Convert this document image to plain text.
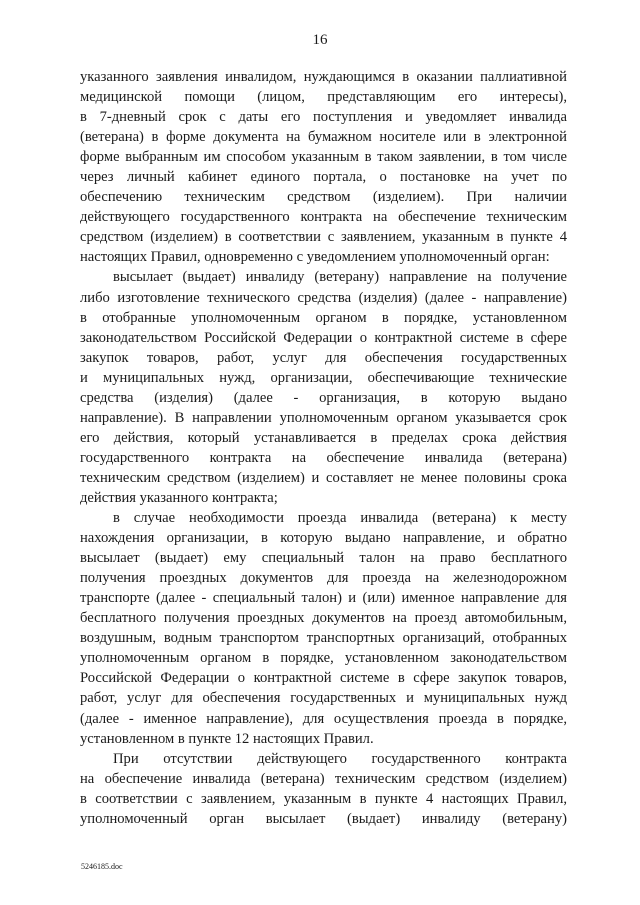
16
указанного заявления инвалидом, нуждающимся в оказании паллиативной
медицинской помощи (лицом, представляющим его интересы),
в 7-дневный срок с даты его поступления и уведомляет инвалида
(ветерана) в форме документа на бумажном носителе или в электронной
форме выбранным им способом указанным в таком заявлении, в том числе
через личный кабинет единого портала, о постановке на учет по
обеспечению техническим средством (изделием). При наличии
действующего государственного контракта на обеспечение техническим
средством (изделием) в соответствии с заявлением, указанным в пункте 4
настоящих Правил, одновременно с уведомлением уполномоченный орган:
высылает (выдает) инвалиду (ветерану) направление на получение
либо изготовление технического средства (изделия) (далее - направление)
в отобранные уполномоченным органом в порядке, установленном
законодательством Российской Федерации о контрактной системе в сфере
закупок товаров, работ, услуг для обеспечения государственных
и муниципальных нужд, организации, обеспечивающие технические
средства (изделия) (далее - организация, в которую выдано
направление). В направлении уполномоченным органом указывается срок
его действия, который устанавливается в пределах срока действия
государственного контракта на обеспечение инвалида (ветерана)
техническим средством (изделием) и составляет не менее половины срока
действия указанного контракта;
в случае необходимости проезда инвалида (ветерана) к месту
нахождения организации, в которую выдано направление, и обратно
высылает (выдает) ему специальный талон на право бесплатного
получения проездных документов для проезда на железнодорожном
транспорте (далее - специальный талон) и (или) именное направление для
бесплатного получения проездных документов на проезд автомобильным,
воздушным, водным транспортом транспортных организаций, отобранных
уполномоченным органом в порядке, установленном законодательством
Российской Федерации о контрактной системе в сфере закупок товаров,
работ, услуг для обеспечения государственных и муниципальных нужд
(далее - именное направление), для осуществления проезда в порядке,
установленном в пункте 12 настоящих Правил.
При отсутствии действующего государственного контракта
на обеспечение инвалида (ветерана) техническим средством (изделием)
в соответствии с заявлением, указанным в пункте 4 настоящих Правил,
уполномоченный орган высылает (выдает) инвалиду (ветерану)
5246185.doc
